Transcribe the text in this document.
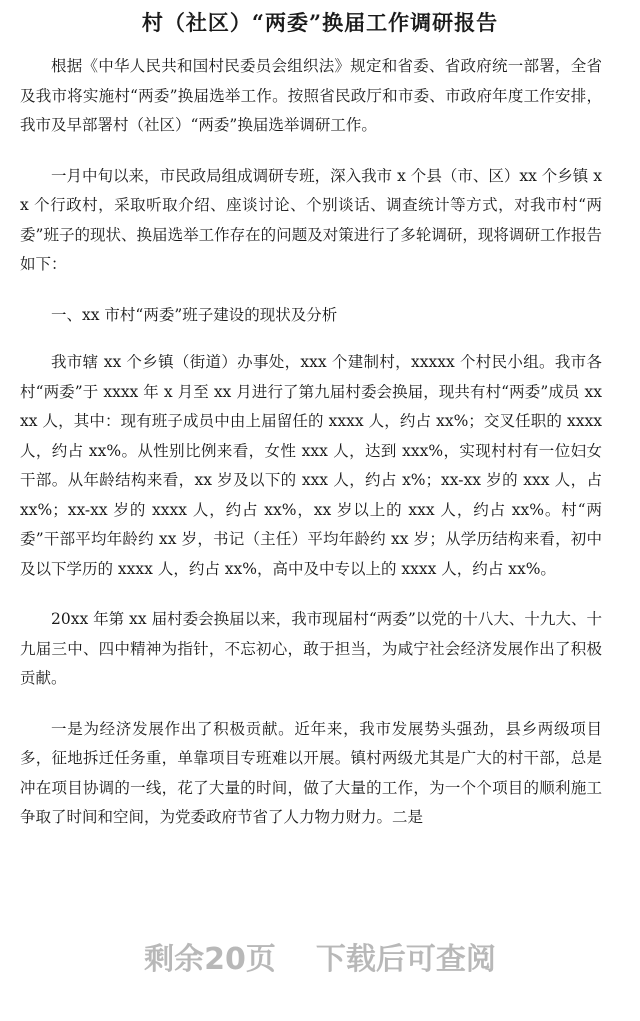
村（社区）“两委”换届工作调研报告

根据《中华人民共和国村民委员会组织法》规定和省委、省政府统一部署，全省及我市将实施村“两委”换届选举工作。按照省民政厅和市委、市政府年度工作安排，我市及早部署村（社区）“两委”换届选举调研工作。

一月中旬以来，市民政局组成调研专班，深入我市 x 个县（市、区）xx 个乡镇 xx 个行政村，采取听取介绍、座谈讨论、个别谈话、调查统计等方式，对我市村“两委”班子的现状、换届选举工作存在的问题及对策进行了多轮调研，现将调研工作报告如下：

一、xx 市村“两委”班子建设的现状及分析

我市辖 xx 个乡镇（街道）办事处，xxx 个建制村，xxxxx 个村民小组。我市各村“两委”于 xxxx 年 x 月至 xx 月进行了第九届村委会换届，现共有村“两委”成员 xxxx 人，其中：现有班子成员中由上届留任的 xxxx 人，约占 xx%；交叉任职的 xxxx 人，约占 xx%。从性别比例来看，女性 xxx 人，达到 xxx%，实现村村有一位妇女干部。从年龄结构来看，xx 岁及以下的 xxx 人，约占 x%；xx-xx 岁的 xxx 人，占 xx%；xx-xx 岁的 xxxx 人，约占 xx%，xx 岁以上的 xxx 人，约占 xx%。村“两委”干部平均年龄约 xx 岁，书记（主任）平均年龄约 xx 岁；从学历结构来看，初中及以下学历的 xxxx 人，约占 xx%，高中及中专以上的 xxxx 人，约占 xx%。

20xx 年第 xx 届村委会换届以来，我市现届村“两委”以党的十八大、十九大、十九届三中、四中精神为指针，不忘初心，敢于担当，为咸宁社会经济发展作出了积极贡献。

一是为经济发展作出了积极贡献。近年来，我市发展势头强劲，县乡两级项目多，征地拆迁任务重，单靠项目专班难以开展。镇村两级尤其是广大的村干部，总是冲在项目协调的一线，花了大量的时间，做了大量的工作，为一个个项目的顺利施工争取了时间和空间，为党委政府节省了人力物力财力。二是

剩余20页 下载后可查阅
